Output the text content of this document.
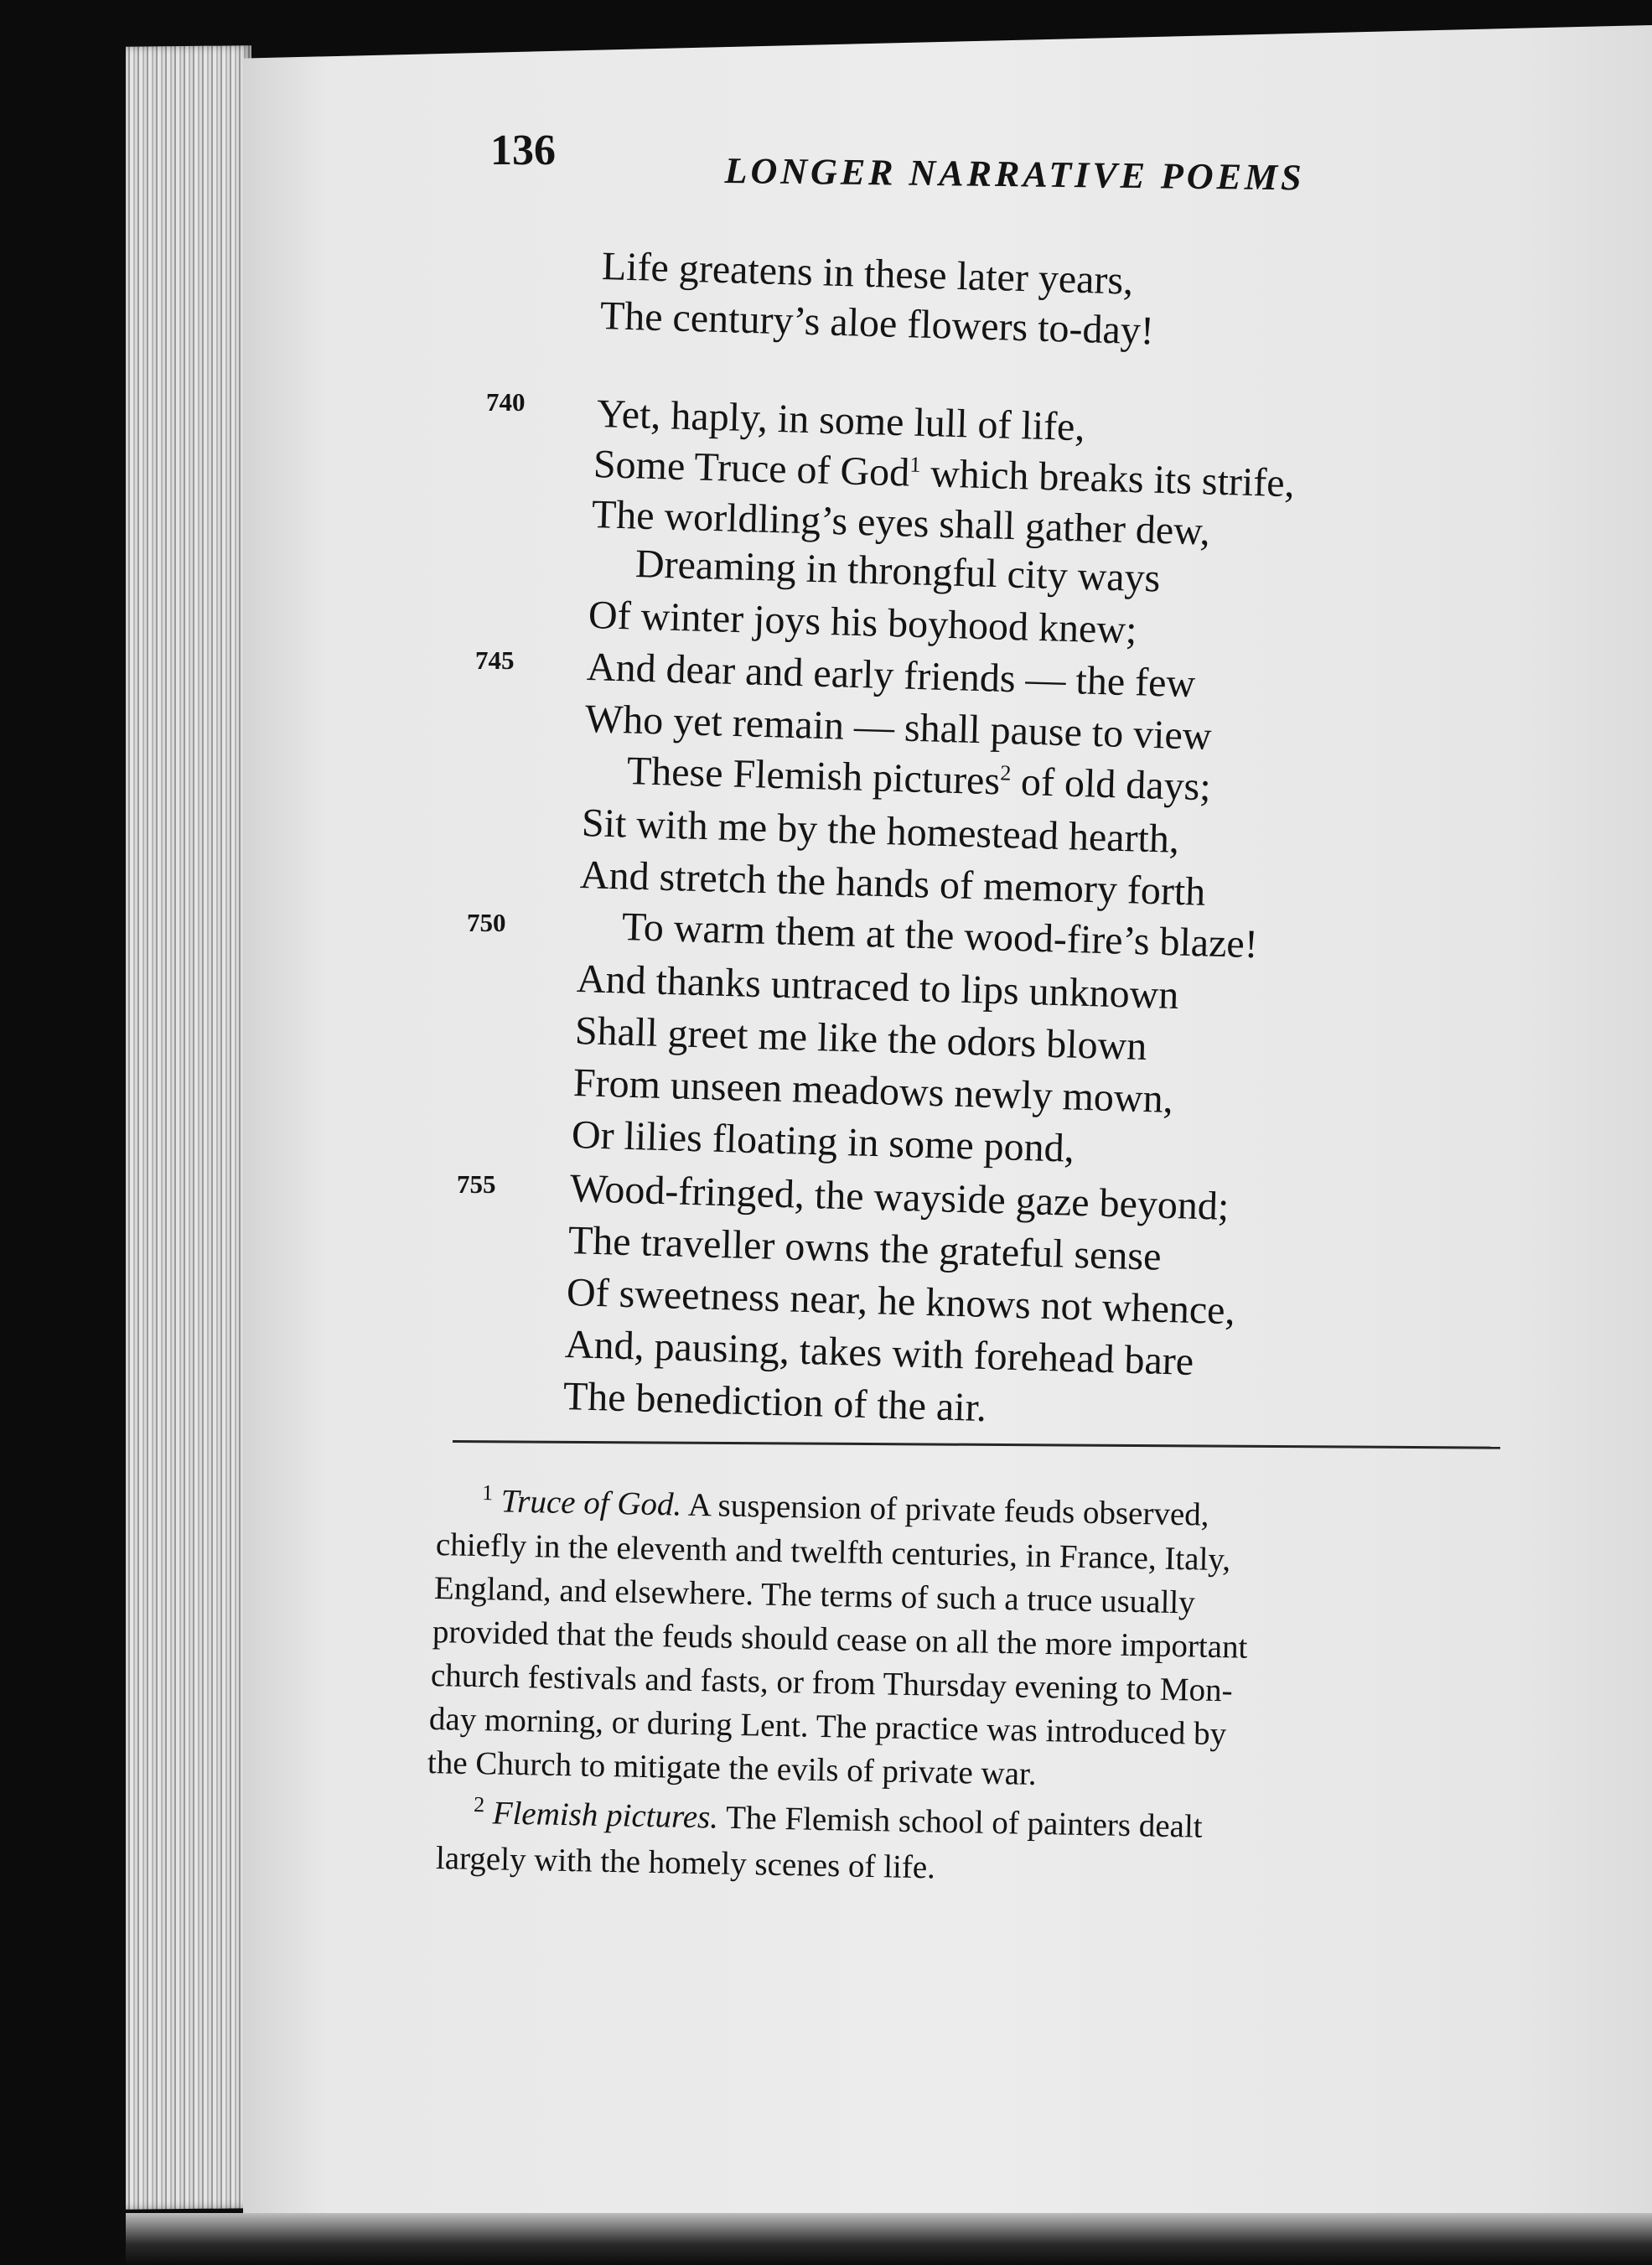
136	LONGER NARRATIVE POEMS
Life greatens in these later years,
The century’s aloe flowers to-day!
740 Yet, haply, in some lull of life,
Some Truce of God$^1$ which breaks its strife,
The worldling’s eyes shall gather dew,
Dreaming in throngful city ways
Of winter joys his boyhood knew;
745 And dear and early friends — the few
Who yet remain — shall pause to view
These Flemish pictures$^2$ of old days;
Sit with me by the homestead hearth,
And stretch the hands of memory forth
750	To warm them at the wood-fire’s blaze!
And thanks untraced to lips unknown
Shall greet me like the odors blown
From unseen meadows newly mown,
Or lilies floating in some pond,
755 Wood-fringed, the wayside gaze beyond;
The traveller owns the grateful sense
Of sweetness near, he knows not whence,
And, pausing, takes with forehead bare
The benediction of the air.
$^1$ Truce of God. A suspension of private feuds observed,
chiefly in the eleventh and twelfth centuries, in France, Italy,
England, and elsewhere. The terms of such a truce usually
provided that the feuds should cease on all the more important
church festivals and fasts, or from Thursday evening to Mon-
day morning, or during Lent. The practice was introduced by
the Church to mitigate the evils of private war.
$^2$ Flemish pictures. The Flemish school of painters dealt
largely with the homely scenes of life.
